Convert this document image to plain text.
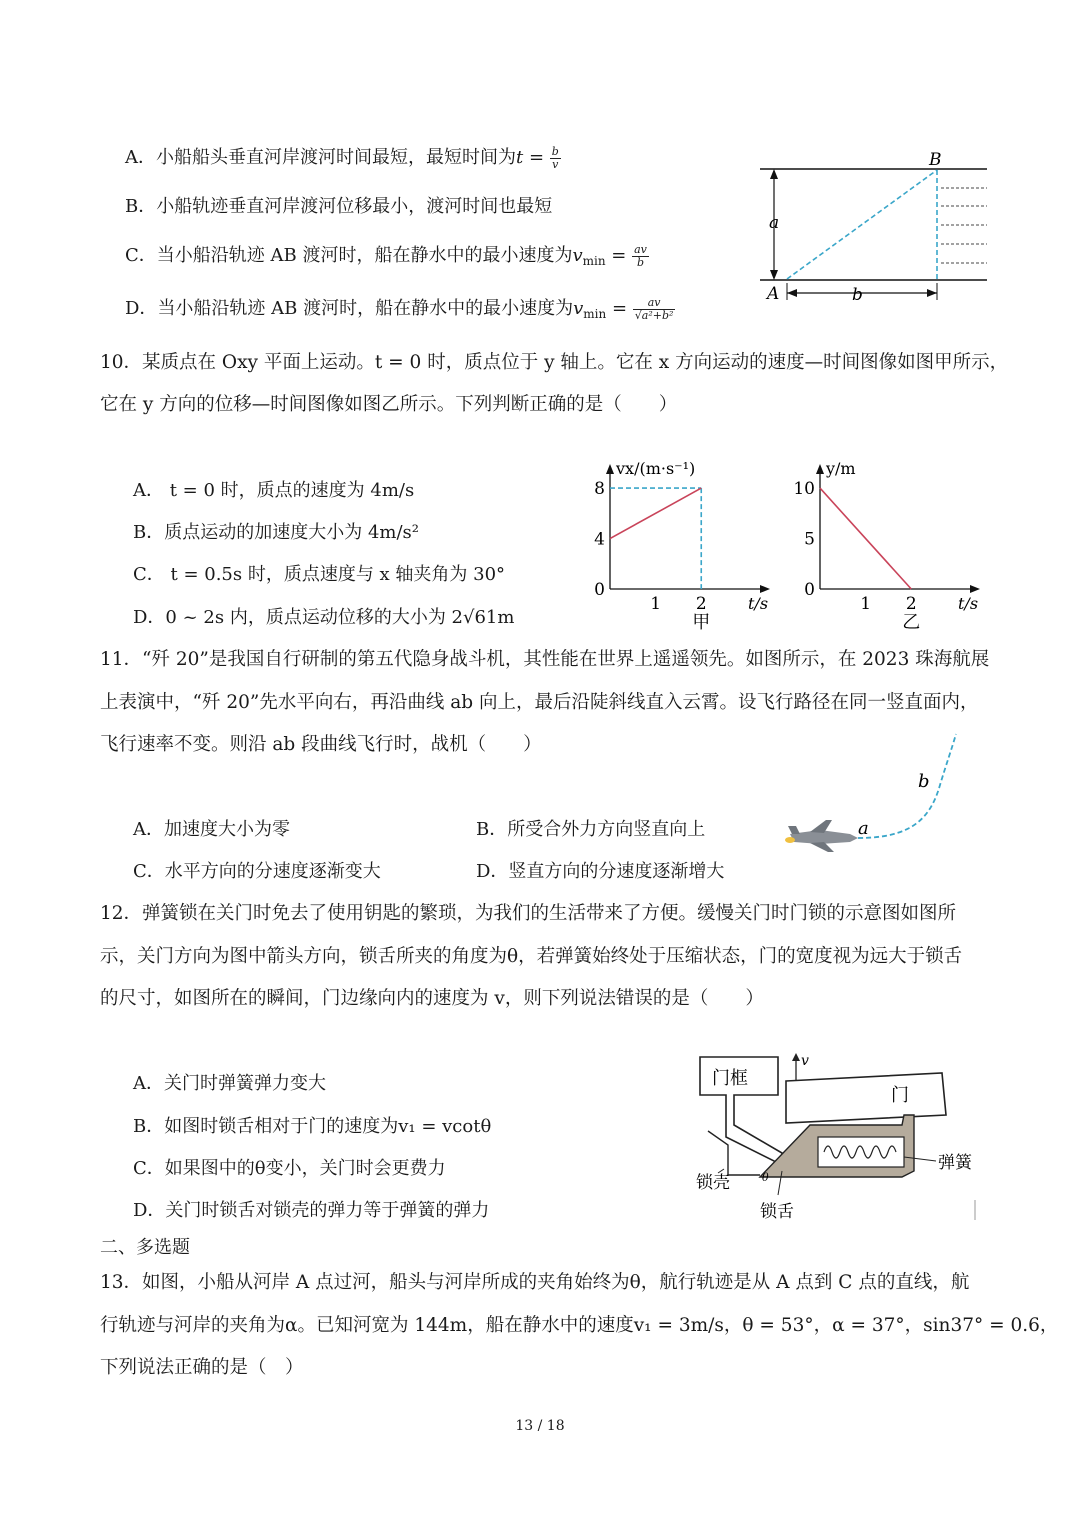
A．小船船头垂直河岸渡河时间最短，最短时间为$t = \frac{b}{v}$
B．小船轨迹垂直河岸渡河位移最小，渡河时间也最短
C．当小船沿轨迹 AB 渡河时，船在静水中的最小速度为$v_{min} = \frac{av}{b}$
D．当小船沿轨迹 AB 渡河时，船在静水中的最小速度为$v_{min} = \frac{av}{\text{√a²+b²}}$
a
b
A
B
10．某质点在 Oxy 平面上运动。t = 0 时，质点位于 y 轴上。它在 x 方向运动的速度—时间图像如图甲所示，
它在 y 方向的位移—时间图像如图乙所示。下列判断正确的是（　　）
A． t = 0 时，质点的速度为 4m/s
B．质点运动的加速度大小为 4m/s²
C． t = 0.5s 时，质点速度与 x 轴夹角为 30°
D．0 ~ 2s 内，质点运动位移的大小为 2√61m
8
4
0
1 2
vx/(m·s⁻¹)
t/s
甲
10
5
0
1 2
y/m
t/s
乙
11．“歼 20”是我国自行研制的第五代隐身战斗机，其性能在世界上遥遥领先。如图所示，在 2023 珠海航展
上表演中，“歼 20”先水平向右，再沿曲线 ab 向上，最后沿陡斜线直入云霄。设飞行路径在同一竖直面内，
飞行速率不变。则沿 ab 段曲线飞行时，战机（　　）
A．加速度大小为零	B．所受合外力方向竖直向上
C．水平方向的分速度逐渐变大	D．竖直方向的分速度逐渐增大
a
b
12．弹簧锁在关门时免去了使用钥匙的繁琐，为我们的生活带来了方便。缓慢关门时门锁的示意图如图所
示，关门方向为图中箭头方向，锁舌所夹的角度为θ，若弹簧始终处于压缩状态，门的宽度视为远大于锁舌
的尺寸，如图所在的瞬间，门边缘向内的速度为 v，则下列说法错误的是（　　）
A．关门时弹簧弹力变大
B．如图时锁舌相对于门的速度为v₁ = vcotθ
C．如果图中的θ变小，关门时会更费力
D．关门时锁舌对锁壳的弹力等于弹簧的弹力
门框
门
v
θ
弹簧
锁壳
锁舌
二、多选题
13．如图，小船从河岸 A 点过河，船头与河岸所成的夹角始终为θ，航行轨迹是从 A 点到 C 点的直线，航
行轨迹与河岸的夹角为α。已知河宽为 144m，船在静水中的速度v₁ = 3m/s，θ = 53°，α = 37°，sin37° = 0.6，
下列说法正确的是（　）
13 / 18
